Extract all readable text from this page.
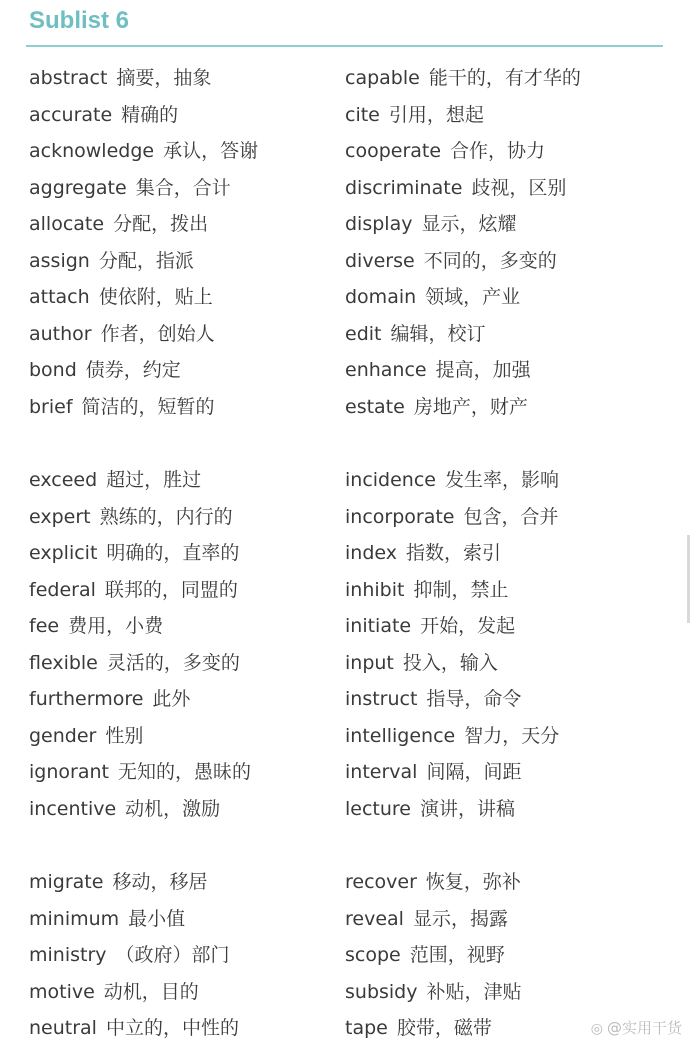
Sublist 6
abstract 摘要，抽象
accurate 精确的
acknowledge 承认，答谢
aggregate 集合，合计
allocate 分配，拨出
assign 分配，指派
attach 使依附，贴上
author 作者，创始人
bond 债券，约定
brief 简洁的，短暂的
exceed 超过，胜过
expert 熟练的，内行的
explicit 明确的，直率的
federal 联邦的，同盟的
fee 费用，小费
flexible 灵活的，多变的
furthermore 此外
gender 性别
ignorant 无知的，愚昧的
incentive 动机，激励
migrate 移动，移居
minimum 最小值
ministry （政府）部门
motive 动机，目的
neutral 中立的，中性的
capable 能干的，有才华的
cite 引用，想起
cooperate 合作，协力
discriminate 歧视，区别
display 显示，炫耀
diverse 不同的，多变的
domain 领域，产业
edit 编辑，校订
enhance 提高，加强
estate 房地产，财产
incidence 发生率，影响
incorporate 包含，合并
index 指数，索引
inhibit 抑制，禁止
initiate 开始，发起
input 投入，输入
instruct 指导，命令
intelligence 智力，天分
interval 间隔，间距
lecture 演讲，讲稿
recover 恢复，弥补
reveal 显示，揭露
scope 范围，视野
subsidy 补贴，津贴
tape 胶带，磁带	◎ @实用干货
